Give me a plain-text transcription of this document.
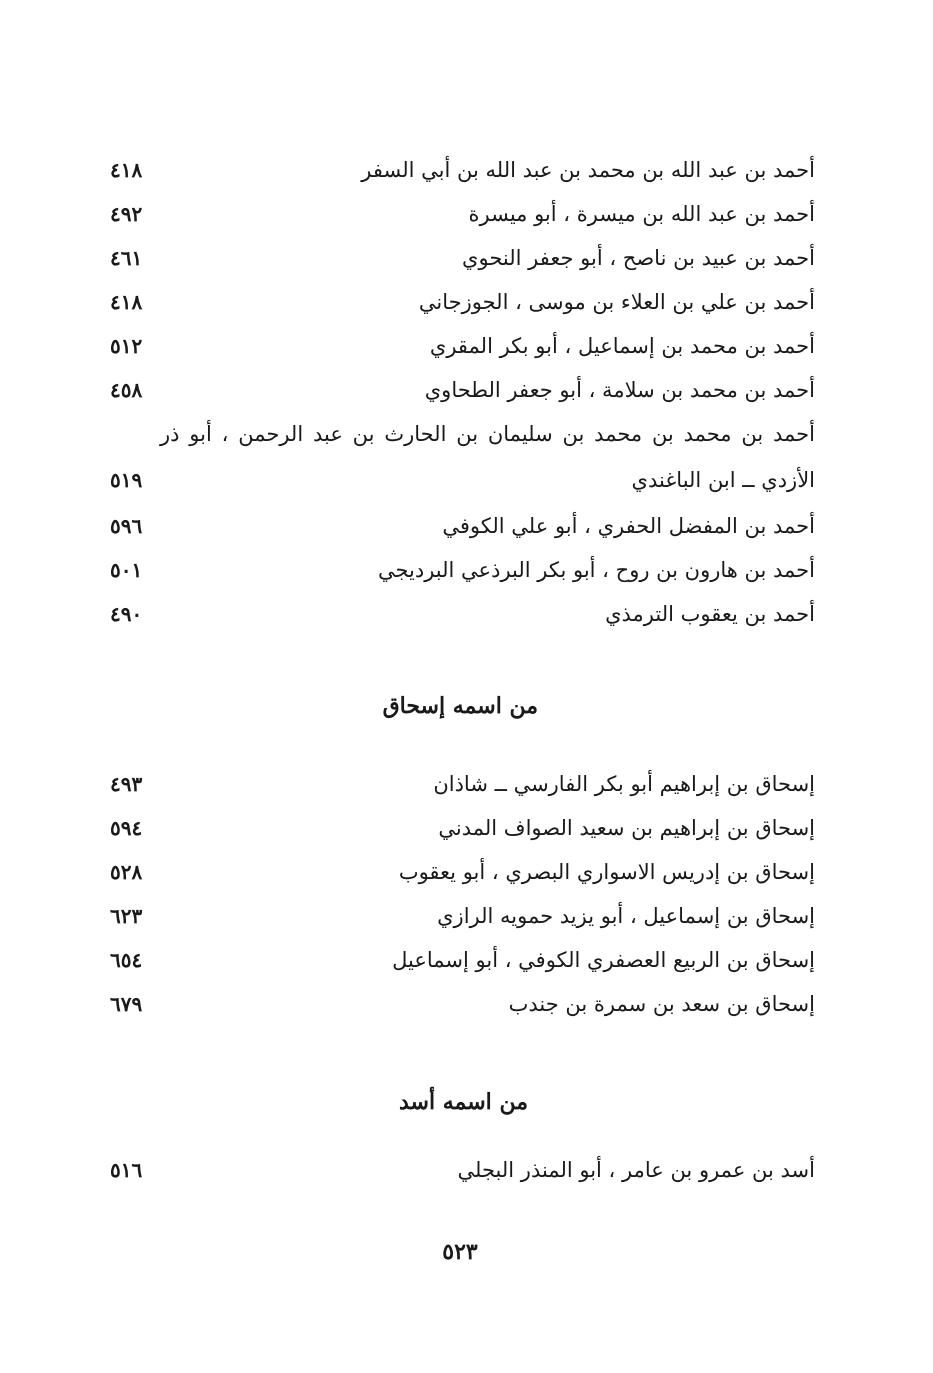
أحمد بن عبد الله بن محمد بن عبد الله بن أبي السفر
٤١٨
أحمد بن عبد الله بن ميسرة ، أبو ميسرة
٤٩٢
أحمد بن عبيد بن ناصح ، أبو جعفر النحوي
٤٦١
أحمد بن علي بن العلاء بن موسى ، الجوزجاني
٤١٨
أحمد بن محمد بن إسماعيل ، أبو بكر المقري
٥١٢
أحمد بن محمد بن سلامة ، أبو جعفر الطحاوي
٤٥٨
أحمد بن محمد بن محمد بن سليمان بن الحارث بن عبد الرحمن ، أبو ذر
الأزدي ــ ابن الباغندي
٥١٩
أحمد بن المفضل الحفري ، أبو علي الكوفي
٥٩٦
أحمد بن هارون بن روح ، أبو بكر البرذعي البرديجي
٥٠١
أحمد بن يعقوب الترمذي
٤٩٠
من اسمه إسحاق
إسحاق بن إبراهيم أبو بكر الفارسي ــ شاذان
٤٩٣
إسحاق بن إبراهيم بن سعيد الصواف المدني
٥٩٤
إسحاق بن إدريس الاسواري البصري ، أبو يعقوب
٥٢٨
إسحاق بن إسماعيل ، أبو يزيد حمويه الرازي
٦٢٣
إسحاق بن الربيع العصفري الكوفي ، أبو إسماعيل
٦٥٤
إسحاق بن سعد بن سمرة بن جندب
٦٧٩
من اسمه أسد
أسد بن عمرو بن عامر ، أبو المنذر البجلي
٥١٦
٥٢٣
